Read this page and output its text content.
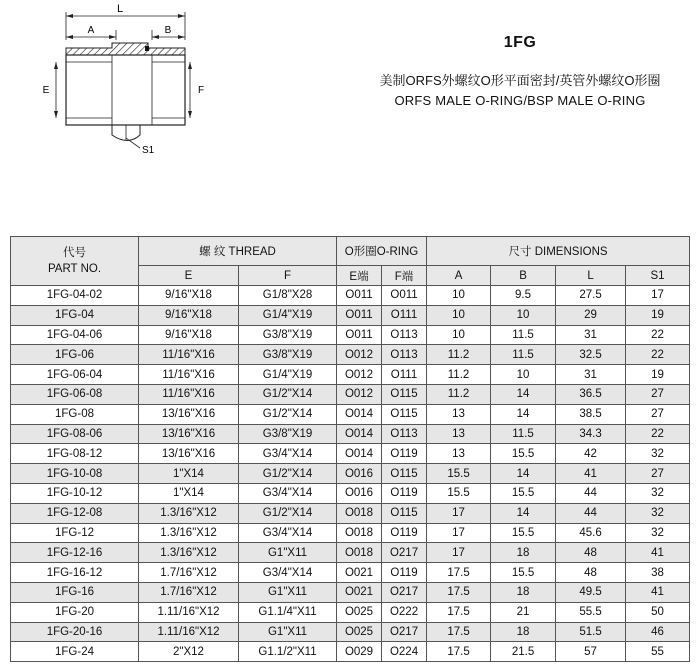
L
A	B
E	F
S1

1FG

美制ORFS外螺纹O形平面密封/英管外螺纹O形圈

ORFS MALE O-RING/BSP MALE O-RING

代号
PART NO.	螺 纹 THREAD		O形圈O-RING		尺寸 DIMENSIONS			
	E	F	E端	F端	A	B	L	S1
1FG-04-02	9/16"X18	G1/8"X28	O011	O011	10	9.5	27.5	17
1FG-04	9/16"X18	G1/4"X19	O011	O111	10	10	29	19
1FG-04-06	9/16"X18	G3/8"X19	O011	O113	10	11.5	31	22
1FG-06	11/16"X16	G3/8"X19	O012	O113	11.2	11.5	32.5	22
1FG-06-04	11/16"X16	G1/4"X19	O012	O111	11.2	10	31	19
1FG-06-08	11/16"X16	G1/2"X14	O012	O115	11.2	14	36.5	27
1FG-08	13/16"X16	G1/2"X14	O014	O115	13	14	38.5	27
1FG-08-06	13/16"X16	G3/8"X19	O014	O113	13	11.5	34.3	22
1FG-08-12	13/16"X16	G3/4"X14	O014	O119	13	15.5	42	32
1FG-10-08	1"X14	G1/2"X14	O016	O115	15.5	14	41	27
1FG-10-12	1"X14	G3/4"X14	O016	O119	15.5	15.5	44	32
1FG-12-08	1.3/16"X12	G1/2"X14	O018	O115	17	14	44	32
1FG-12	1.3/16"X12	G3/4"X14	O018	O119	17	15.5	45.6	32
1FG-12-16	1.3/16"X12	G1"X11	O018	O217	17	18	48	41
1FG-16-12	1.7/16"X12	G3/4"X14	O021	O119	17.5	15.5	48	38
1FG-16	1.7/16"X12	G1"X11	O021	O217	17.5	18	49.5	41
1FG-20	1.11/16"X12	G1.1/4"X11	O025	O222	17.5	21	55.5	50
1FG-20-16	1.11/16"X12	G1"X11	O025	O217	17.5	18	51.5	46
1FG-24	2"X12	G1.1/2"X11	O029	O224	17.5	21.5	57	55
